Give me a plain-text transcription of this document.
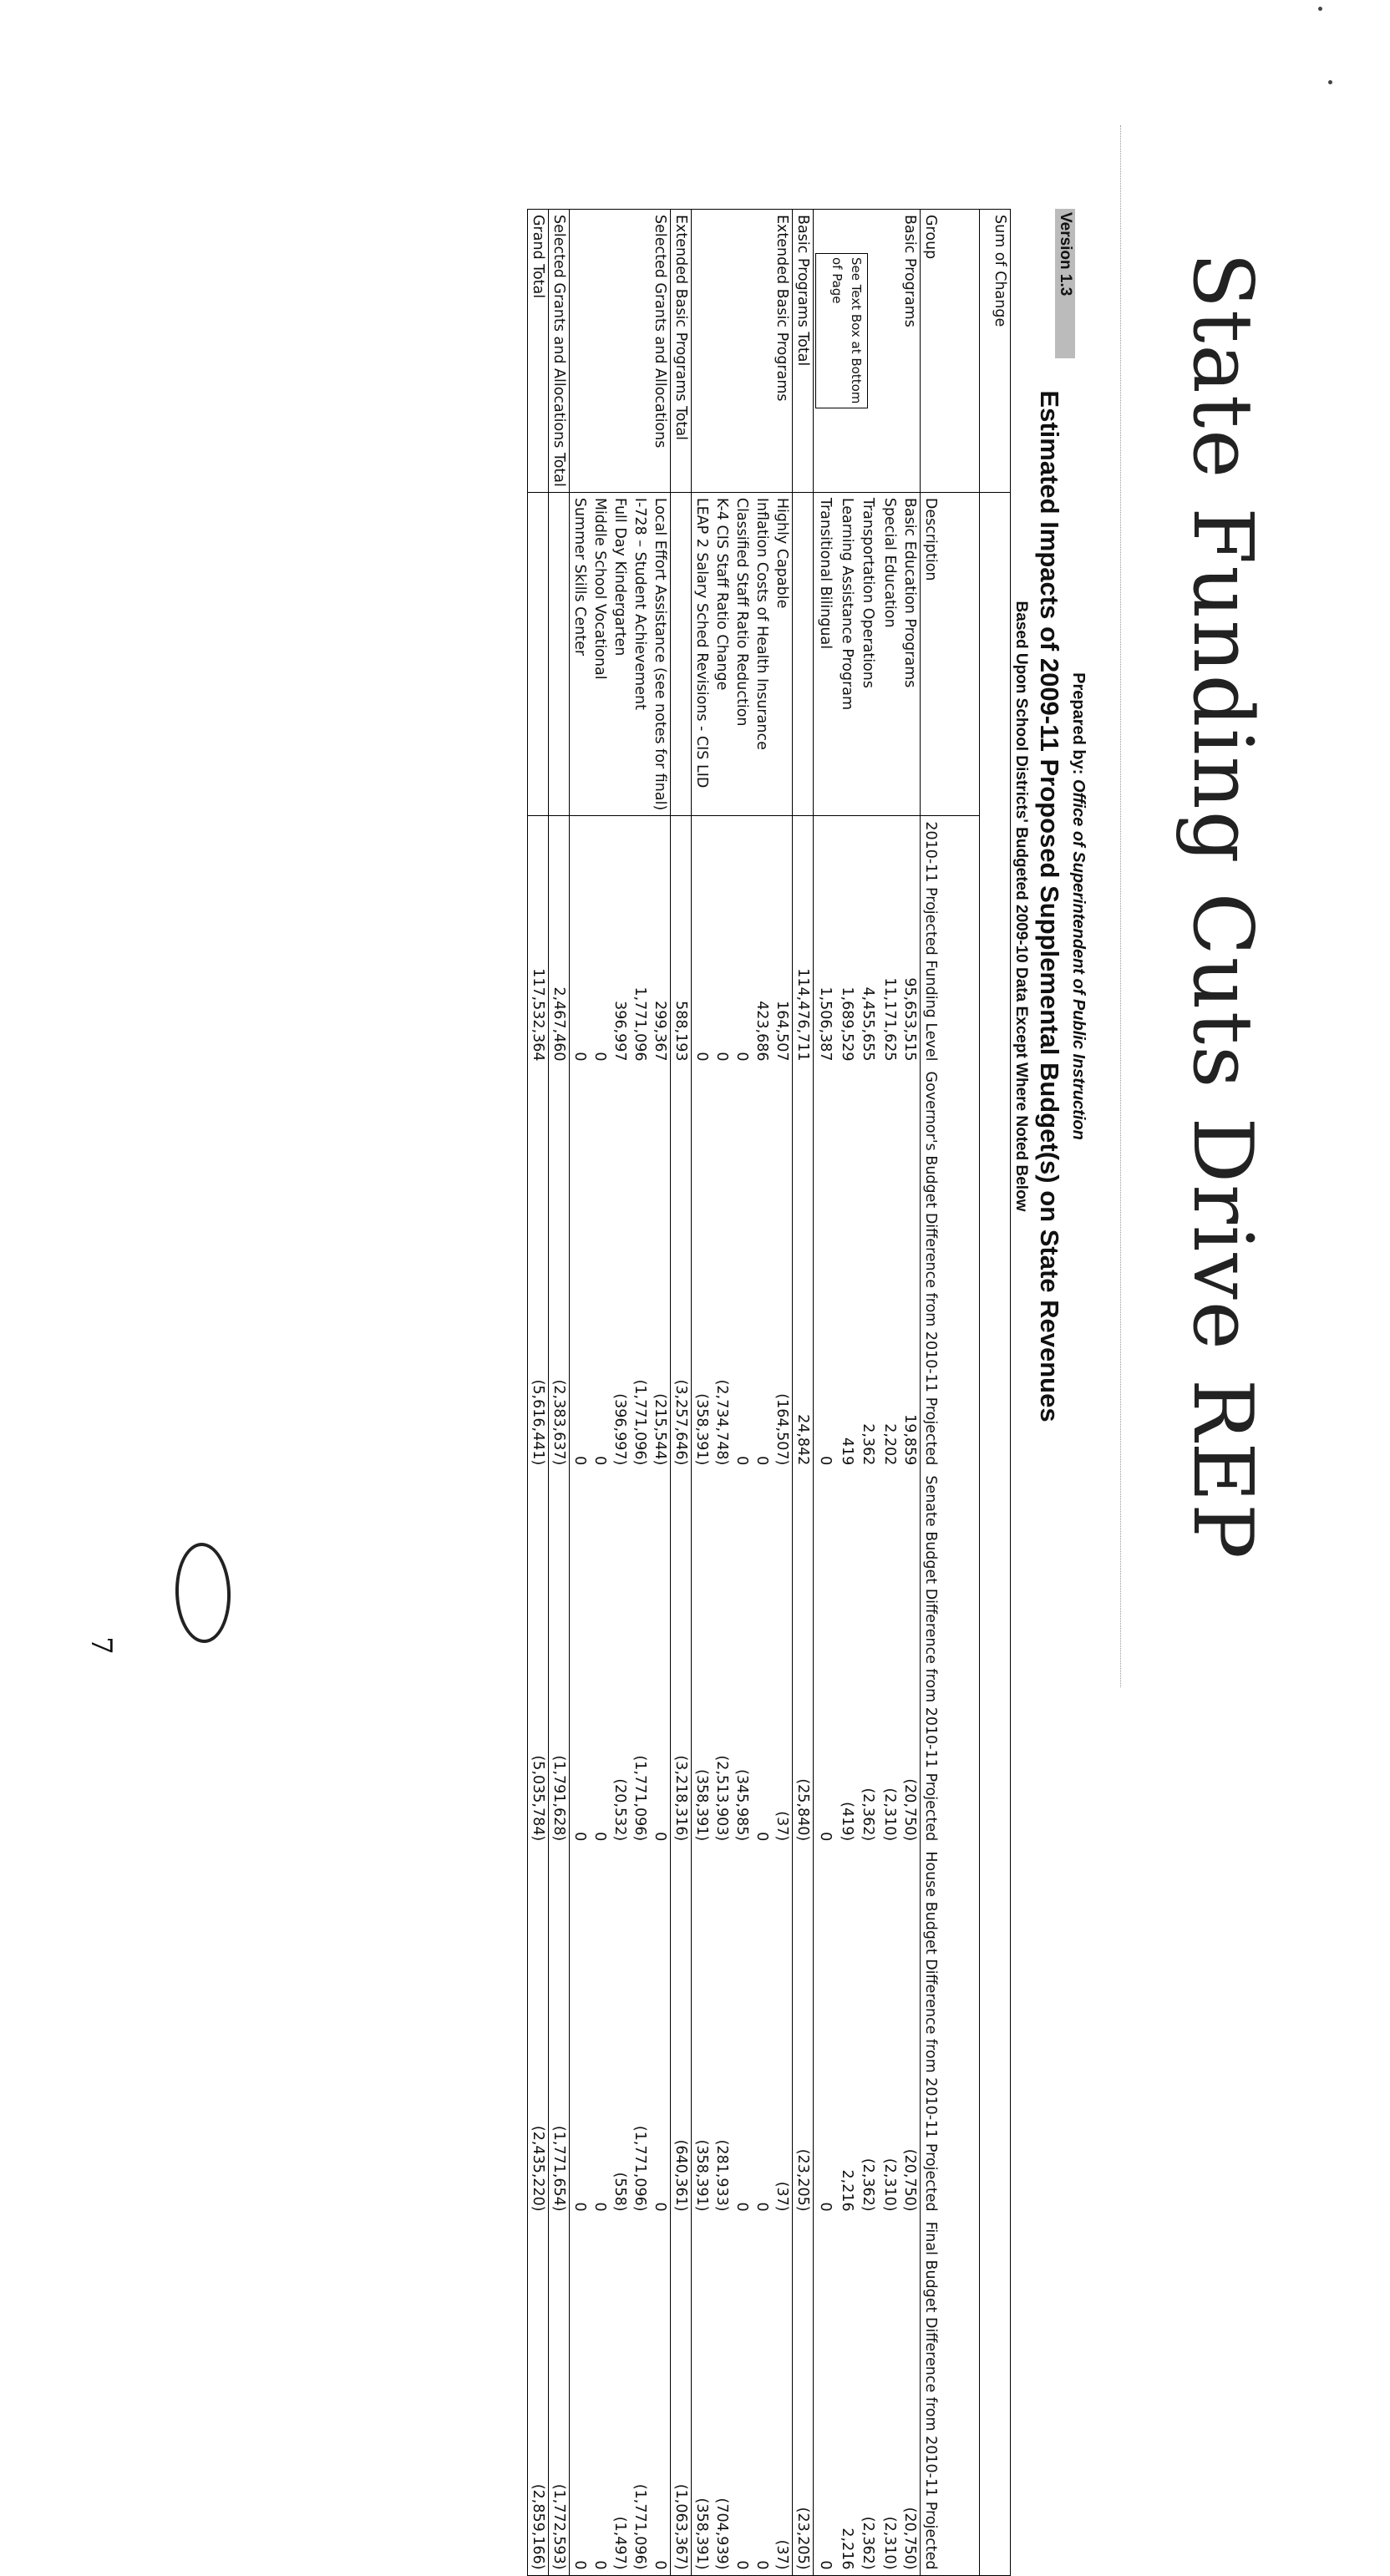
State Funding Cuts Drive REP
Version 1.3
Prepared by: Office of Superintendent of Public Instruction
Estimated Impacts of 2009-11 Proposed Supplemental Budget(s) on State Revenues
Based Upon School Districts' Budgeted 2009-10 Data Except Where Noted Below
Sum of Change						
Group	Description	2010-11 Projected Funding Level	Governor's Budget Difference from 2010-11 Projected	Senate Budget Difference from 2010-11 Projected	House Budget Difference from 2010-11 Projected	Final Budget Difference from 2010-11 Projected
Basic Programs	Basic Education Programs	95,653,515	19,859	(20,750)	(20,750)	(20,750)

See Text Box at Bottom of Page	Special Education	11,171,625	2,202	(2,310)	(2,310)	(2,310)
	Transportation Operations	4,455,655	2,362	(2,362)	(2,362)	(2,362)
	Learning Assistance Program	1,689,529	419	(419)	2,216	2,216
	Transitional Bilingual	1,506,387	0	0	0	0
Basic Programs Total		114,476,711	24,842	(25,840)	(23,205)	(23,205)
Extended Basic Programs	Highly Capable	164,507	(164,507)	(37)	(37)	(37)
	Inflation Costs of Health Insurance	423,686	0	0	0	0
	Classified Staff Ratio Reduction	0	0	(345,985)	0	0
	K-4 CIS Staff Ratio Change	0	(2,734,748)	(2,513,903)	(281,933)	(704,939)
	LEAP 2 Salary Sched Revisions - CIS LID	0	(358,391)	(358,391)	(358,391)	(358,391)
Extended Basic Programs Total		588,193	(3,257,646)	(3,218,316)	(640,361)	(1,063,367)
Selected Grants and Allocations	Local Effort Assistance (see notes for final)	299,367	(215,544)	0	0	0
	I-728 – Student Achievement	1,771,096	(1,771,096)	(1,771,096)	(1,771,096)	(1,771,096)
	Full Day Kindergarten	396,997	(396,997)	(20,532)	(558)	(1,497)
	Middle School Vocational	0	0	0	0	0
	Summer Skills Center	0	0	0	0	0
Selected Grants and Allocations Total		2,467,460	(2,383,637)	(1,791,628)	(1,771,654)	(1,772,593)
Grand Total		117,532,364	(5,616,441)	(5,035,784)	(2,435,220)	(2,859,166)
7
